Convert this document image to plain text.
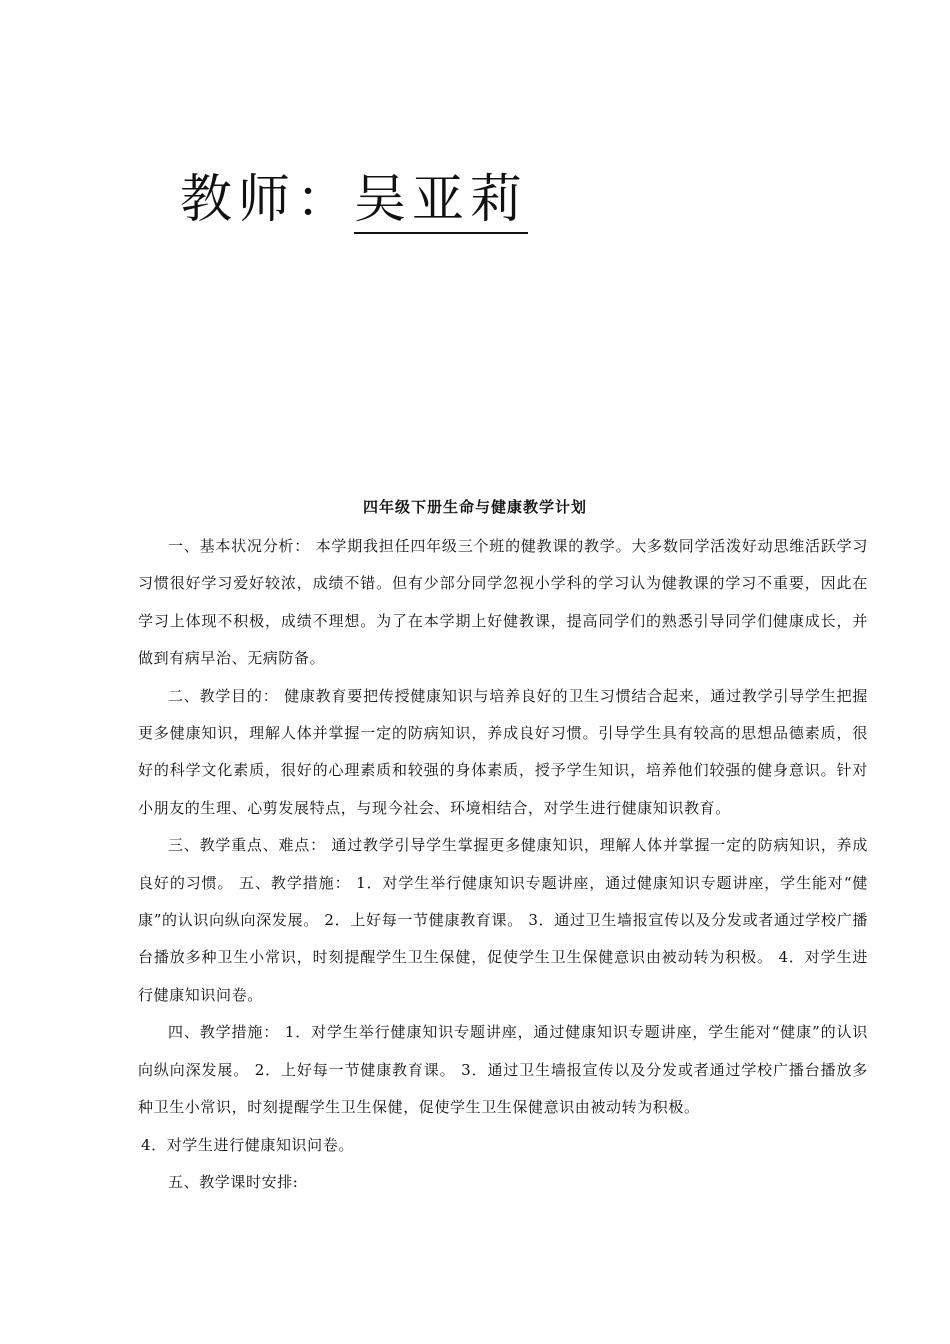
教师：吴亚莉
四年级下册生命与健康教学计划

一、基本状况分析： 本学期我担任四年级三个班的健教课的教学。大多数同学活泼好动思维活跃学习习惯很好学习爱好较浓，成绩不错。但有少部分同学忽视小学科的学习认为健教课的学习不重要，因此在学习上体现不积极，成绩不理想。为了在本学期上好健教课，提高同学们的熟悉引导同学们健康成长，并做到有病早治、无病防备。

二、教学目的： 健康教育要把传授健康知识与培养良好的卫生习惯结合起来，通过教学引导学生把握更多健康知识，理解人体并掌握一定的防病知识，养成良好习惯。引导学生具有较高的思想品德素质，很好的科学文化素质，很好的心理素质和较强的身体素质，授予学生知识，培养他们较强的健身意识。针对小朋友的生理、心剪发展特点，与现今社会、环境相结合，对学生进行健康知识教育。

三、教学重点、难点： 通过教学引导学生掌握更多健康知识，理解人体并掌握一定的防病知识，养成良好的习惯。 五、教学措施： 1．对学生举行健康知识专题讲座，通过健康知识专题讲座，学生能对“健康”的认识向纵向深发展。 2．上好每一节健康教育课。 3．通过卫生墙报宣传以及分发或者通过学校广播台播放多种卫生小常识，时刻提醒学生卫生保健，促使学生卫生保健意识由被动转为积极。 4．对学生进行健康知识问卷。

四、教学措施： 1．对学生举行健康知识专题讲座，通过健康知识专题讲座，学生能对“健康”的认识向纵向深发展。 2．上好每一节健康教育课。 3．通过卫生墙报宣传以及分发或者通过学校广播台播放多种卫生小常识，时刻提醒学生卫生保健，促使学生卫生保健意识由被动转为积极。

4．对学生进行健康知识问卷。

五、教学课时安排:
